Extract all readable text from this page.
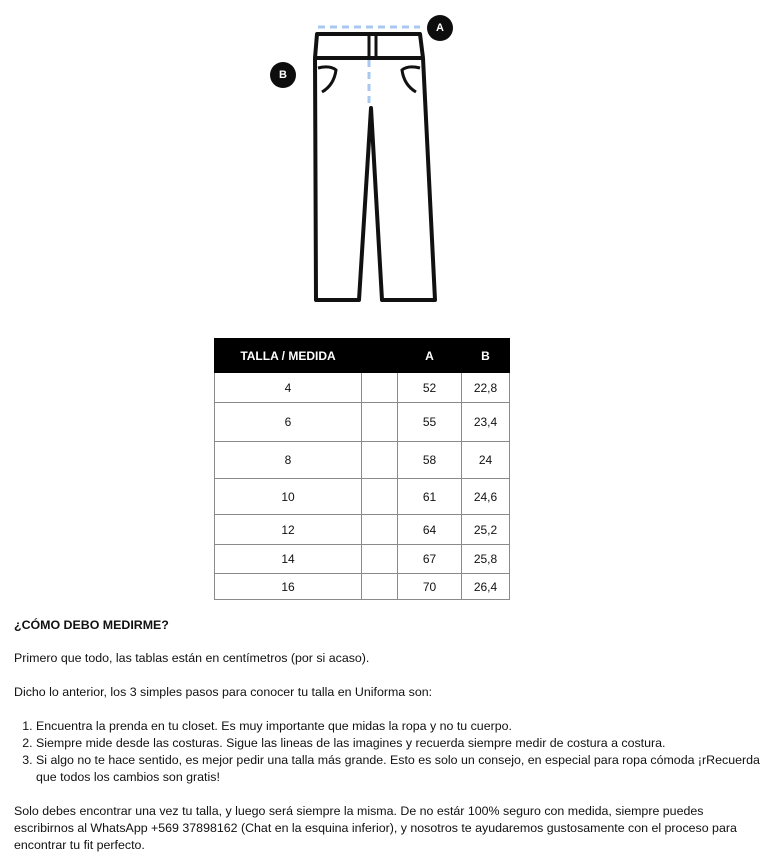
A
B
TALLA / MEDIDA		A	B
4		52	22,8
6		55	23,4
8		58	24
10		61	24,6
12		64	25,2
14		67	25,8
16		70	26,4

¿CÓMO DEBO MEDIRME?

Primero que todo, las tablas están en centímetros (por si acaso).

Dicho lo anterior, los 3 simples pasos para conocer tu talla en Uniforma son:

1. Encuentra la prenda en tu closet. Es muy importante que midas la ropa y no tu cuerpo.
2. Siempre mide desde las costuras. Sigue las lineas de las imagines y recuerda siempre medir de costura a costura.
3. Si algo no te hace sentido, es mejor pedir una talla más grande. Esto es solo un consejo, en especial para ropa cómoda ¡rRecuerda que todos los cambios son gratis!

Solo debes encontrar una vez tu talla, y luego será siempre la misma. De no estár 100% seguro con medida, siempre puedes escribirnos al WhatsApp +569 37898162 (Chat en la esquina inferior), y nosotros te ayudaremos gustosamente con el proceso para encontrar tu fit perfecto.
